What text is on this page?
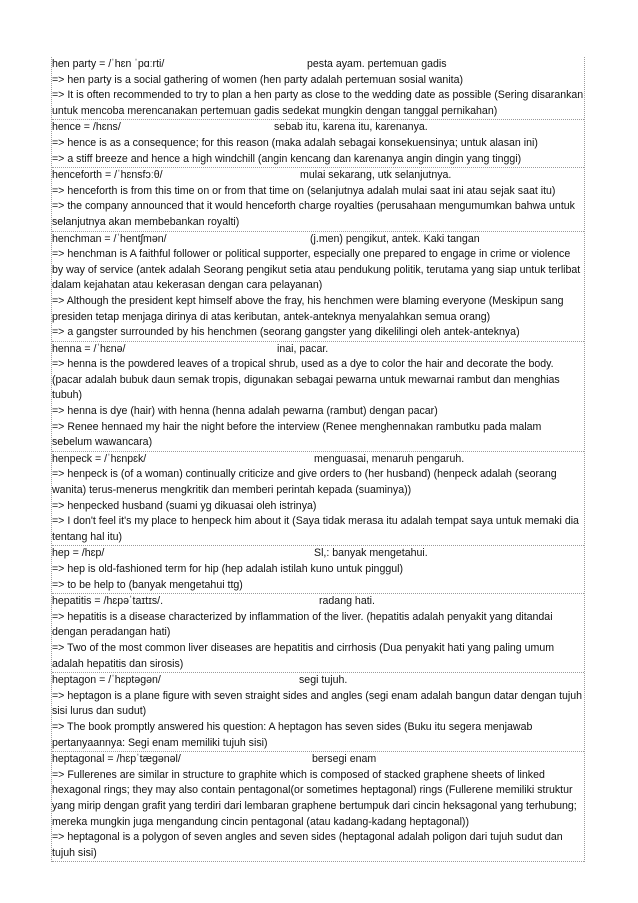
hen party = /ˈhɛn ˈpɑːrti/	pesta ayam. pertemuan gadis

=> hen party is a social gathering of women (hen party adalah pertemuan sosial wanita)

=> It is often recommended to try to plan a hen party as close to the wedding date as possible (Sering disarankan untuk mencoba merencanakan pertemuan gadis sedekat mungkin dengan tanggal pernikahan)

hence = /hɛns/	sebab itu, karena itu, karenanya.

=> hence is as a consequence; for this reason (maka adalah sebagai konsekuensinya; untuk alasan ini)

=> a stiff breeze and hence a high windchill (angin kencang dan karenanya angin dingin yang tinggi)

henceforth = /ˈhɛnsfɔːθ/	mulai sekarang, utk selanjutnya.

=> henceforth is from this time on or from that time on (selanjutnya adalah mulai saat ini atau sejak saat itu)

=> the company announced that it would henceforth charge royalties (perusahaan mengumumkan bahwa untuk selanjutnya akan membebankan royalti)

henchman = /ˈhentʃmən/	(j.men) pengikut, antek. Kaki tangan

=> henchman is A faithful follower or political supporter, especially one prepared to engage in crime or violence by way of service (antek adalah Seorang pengikut setia atau pendukung politik, terutama yang siap untuk terlibat dalam kejahatan atau kekerasan dengan cara pelayanan)

=> Although the president kept himself above the fray, his henchmen were blaming everyone (Meskipun sang presiden tetap menjaga dirinya di atas keributan, antek-anteknya menyalahkan semua orang)

=> a gangster surrounded by his henchmen (seorang gangster yang dikelilingi oleh antek-anteknya)

henna = /ˈhɛnə/	inai, pacar.

=> henna is the powdered leaves of a tropical shrub, used as a dye to color the hair and decorate the body. (pacar adalah bubuk daun semak tropis, digunakan sebagai pewarna untuk mewarnai rambut dan menghias tubuh)

=> henna is dye (hair) with henna (henna adalah pewarna (rambut) dengan pacar)

=> Renee hennaed my hair the night before the interview (Renee menghennakan rambutku pada malam sebelum wawancara)

henpeck = /ˈhɛnpɛk/	menguasai, menaruh pengaruh.

=> henpeck is (of a woman) continually criticize and give orders to (her husband) (henpeck adalah (seorang wanita) terus-menerus mengkritik dan memberi perintah kepada (suaminya))

=> henpecked husband (suami yg dikuasai oleh istrinya)

=> I don't feel it's my place to henpeck him about it (Saya tidak merasa itu adalah tempat saya untuk memaki dia tentang hal itu)

hep = /hɛp/	Sl,: banyak mengetahui.

=> hep is old-fashioned term for hip (hep adalah istilah kuno untuk pinggul)

=> to be help to (banyak mengetahui ttg)

hepatitis = /hɛpəˈtaɪtɪs/.	radang hati.

=> hepatitis is a disease characterized by inflammation of the liver. (hepatitis adalah penyakit yang ditandai dengan peradangan hati)

=> Two of the most common liver diseases are hepatitis and cirrhosis (Dua penyakit hati yang paling umum adalah hepatitis dan sirosis)

heptagon = /ˈhɛptəgən/	segi tujuh.

=> heptagon is a plane figure with seven straight sides and angles (segi enam adalah bangun datar dengan tujuh sisi lurus dan sudut)

=> The book promptly answered his question: A heptagon has seven sides (Buku itu segera menjawab pertanyaannya: Segi enam memiliki tujuh sisi)

heptagonal = /hɛpˈtægənəl/	bersegi enam

=> Fullerenes are similar in structure to graphite which is composed of stacked graphene sheets of linked hexagonal rings; they may also contain pentagonal(or sometimes heptagonal) rings (Fullerene memiliki struktur yang mirip dengan grafit yang terdiri dari lembaran graphene bertumpuk dari cincin heksagonal yang terhubung; mereka mungkin juga mengandung cincin pentagonal (atau kadang-kadang heptagonal))

=> heptagonal is a polygon of seven angles and seven sides (heptagonal adalah poligon dari tujuh sudut dan tujuh sisi)
